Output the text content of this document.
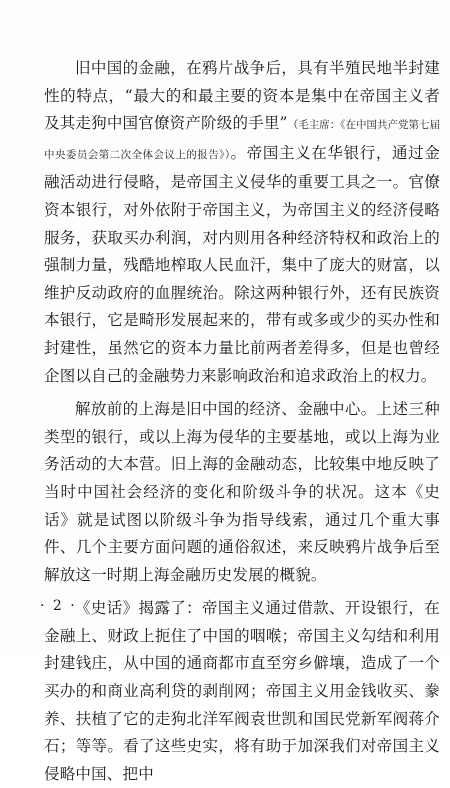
旧中国的金融，在鸦片战争后，具有半殖民地半封建性的特点，“最大的和最主要的资本是集中在帝国主义者及其走狗中国官僚资产阶级的手里”（毛主席：《在中国共产党第七届中央委员会第二次全体会议上的报告》）。帝国主义在华银行，通过金融活动进行侵略，是帝国主义侵华的重要工具之一。官僚资本银行，对外依附于帝国主义，为帝国主义的经济侵略服务，获取买办利润，对内则用各种经济特权和政治上的强制力量，残酷地榨取人民血汗，集中了庞大的财富，以维护反动政府的血腥统治。除这两种银行外，还有民族资本银行，它是畸形发展起来的，带有或多或少的买办性和封建性，虽然它的资本力量比前两者差得多，但是也曾经企图以自己的金融势力来影响政治和追求政治上的权力。

解放前的上海是旧中国的经济、金融中心。上述三种类型的银行，或以上海为侵华的主要基地，或以上海为业务活动的大本营。旧上海的金融动态，比较集中地反映了当时中国社会经济的变化和阶级斗争的状况。这本《史话》就是试图以阶级斗争为指导线索，通过几个重大事件、几个主要方面问题的通俗叙述，来反映鸦片战争后至解放这一时期上海金融历史发展的概貌。

《史话》揭露了：帝国主义通过借款、开设银行，在金融上、财政上扼住了中国的咽喉；帝国主义勾结和利用封建钱庄，从中国的通商都市直至穷乡僻壤，造成了一个买办的和商业高利贷的剥削网；帝国主义用金钱收买、豢养、扶植了它的走狗北洋军阀袁世凯和国民党新军阀蒋介石；等等。看了这些史实，将有助于加深我们对帝国主义侵略中国、把中

· 2 ·
